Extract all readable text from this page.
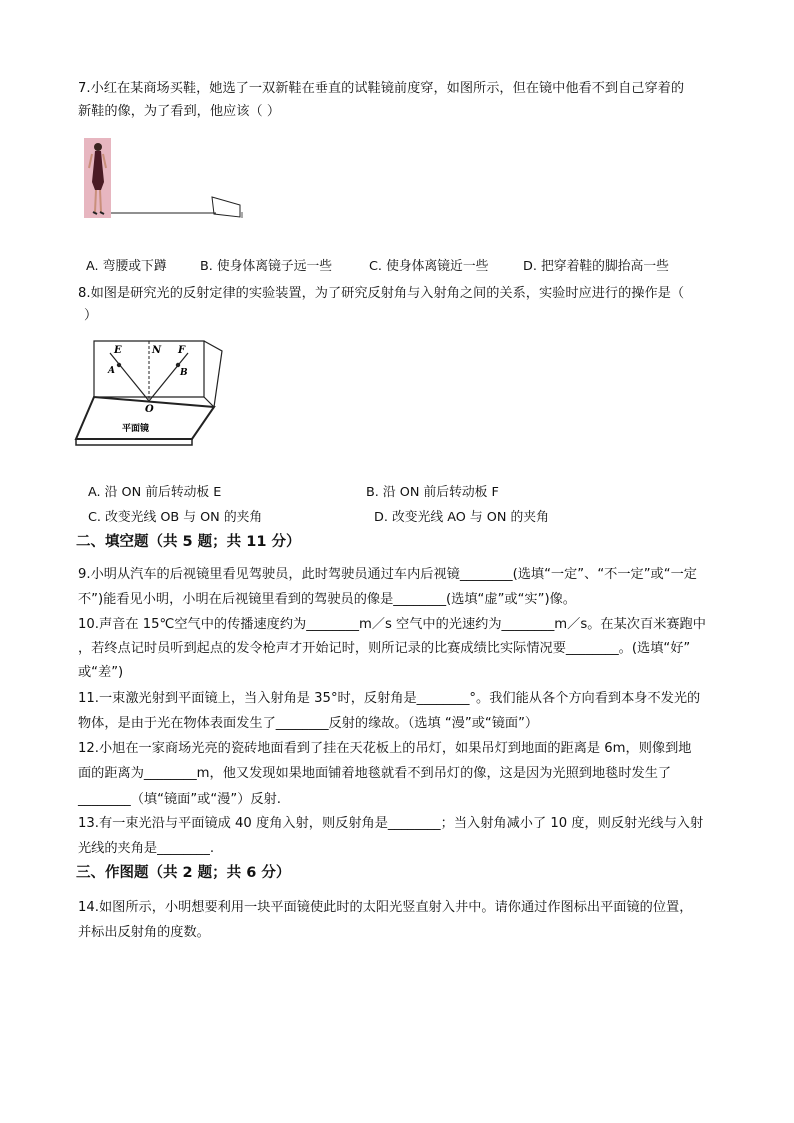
7.小红在某商场买鞋，她选了一双新鞋在垂直的试鞋镜前度穿，如图所示，但在镜中他看不到自己穿着的
新鞋的像，为了看到，他应该（ ）
A. 弯腰或下蹲	B. 使身体离镜子远一些	C. 使身体离镜近一些	D. 把穿着鞋的脚抬高一些
8.如图是研究光的反射定律的实验装置，为了研究反射角与入射角之间的关系，实验时应进行的操作是（
）
E	N F
A	B
O
平面镜
A. 沿 ON 前后转动板 E	B. 沿 ON 前后转动板 F
C. 改变光线 OB 与 ON 的夹角	D. 改变光线 AO 与 ON 的夹角
二、填空题（共 5 题；共 11 分）
9.小明从汽车的后视镜里看见驾驶员，此时驾驶员通过车内后视镜________(选填“一定”、“不一定”或“一定
不”)能看见小明，小明在后视镜里看到的驾驶员的像是________(选填“虚”或“实”)像。
10.声音在 15℃空气中的传播速度约为________m／s 空气中的光速约为________m／s。在某次百米赛跑中
，若终点记时员听到起点的发令枪声才开始记时，则所记录的比赛成绩比实际情况要________。(选填“好”
或“差”)
11.一束激光射到平面镜上，当入射角是 35°时，反射角是________°。我们能从各个方向看到本身不发光的
物体，是由于光在物体表面发生了________反射的缘故。（选填 “漫”或“镜面”）
12.小旭在一家商场光亮的瓷砖地面看到了挂在天花板上的吊灯，如果吊灯到地面的距离是 6m，则像到地
面的距离为________m，他又发现如果地面铺着地毯就看不到吊灯的像，这是因为光照到地毯时发生了
________（填“镜面”或“漫”）反射.
13.有一束光沿与平面镜成 40 度角入射，则反射角是________；当入射角减小了 10 度，则反射光线与入射
光线的夹角是________.
三、作图题（共 2 题；共 6 分）
14.如图所示，小明想要利用一块平面镜使此时的太阳光竖直射入井中。请你通过作图标出平面镜的位置，
并标出反射角的度数。
